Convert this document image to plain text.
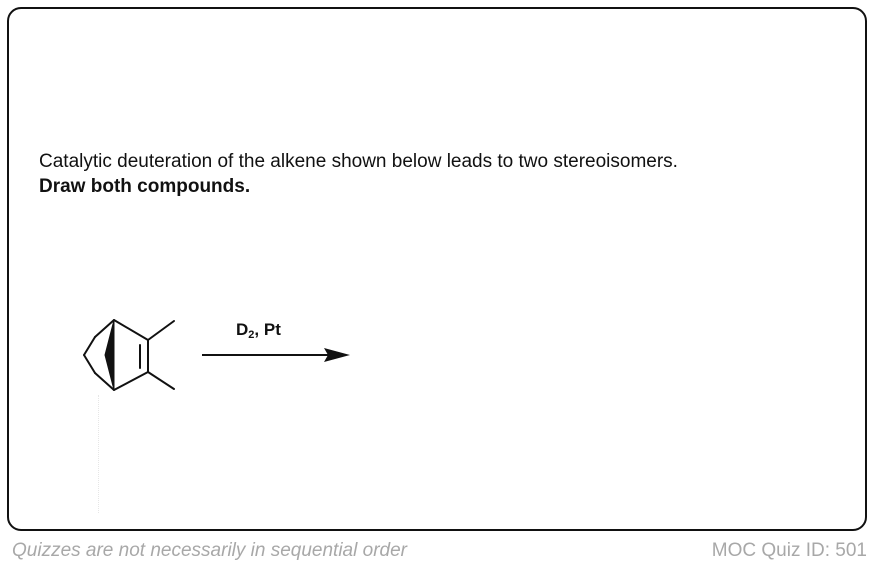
Catalytic deuteration of the alkene shown below leads to two stereoisomers. Draw both compounds.
$D_2$, Pt
Quizzes are not necessarily in sequential order	MOC Quiz ID: 501
